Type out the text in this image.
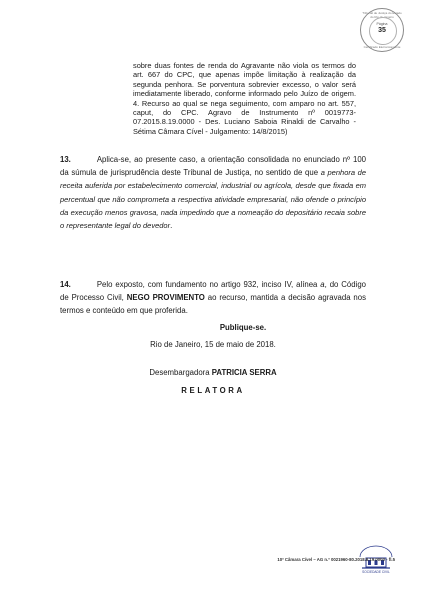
Tribunal de Justiça do Estado do Rio de Janeiro
Página
35
Certificado Eletronicamente
sobre duas fontes de renda do Agravante não viola os termos do art. 667 do CPC, que apenas impõe limitação à realização da segunda penhora. Se porventura sobrevier excesso, o valor será imediatamente liberado, conforme informado pelo Juízo de origem. 4. Recurso ao qual se nega seguimento, com amparo no art. 557, caput, do CPC. Agravo de Instrumento nº 0019773-07.2015.8.19.0000 - Des. Luciano Saboia Rinaldi de Carvalho - Sétima Câmara Cível - Julgamento: 14/8/2015)
13.	Aplica-se, ao presente caso, a orientação consolidada no enunciado nº 100 da súmula de jurisprudência deste Tribunal de Justiça, no sentido de que a penhora de receita auferida por estabelecimento comercial, industrial ou agrícola, desde que fixada em percentual que não comprometa a respectiva atividade empresarial, não ofende o princípio da execução menos gravosa, nada impedindo que a nomeação do depositário recaia sobre o representante legal do devedor.
14.	Pelo exposto, com fundamento no artigo 932, inciso IV, alínea a, do Código de Processo Civil, NEGO PROVIMENTO ao recurso, mantida a decisão agravada nos termos e conteúdo em que proferida.
Publique-se.
Rio de Janeiro, 15 de maio de 2018.
Desembargadora PATRICIA SERRA
RELATORA
SOCIEDADE CIVIL
10ª Câmara Cível – AG n.º 0021960-80.2018.8.19.0000 - fl.5
